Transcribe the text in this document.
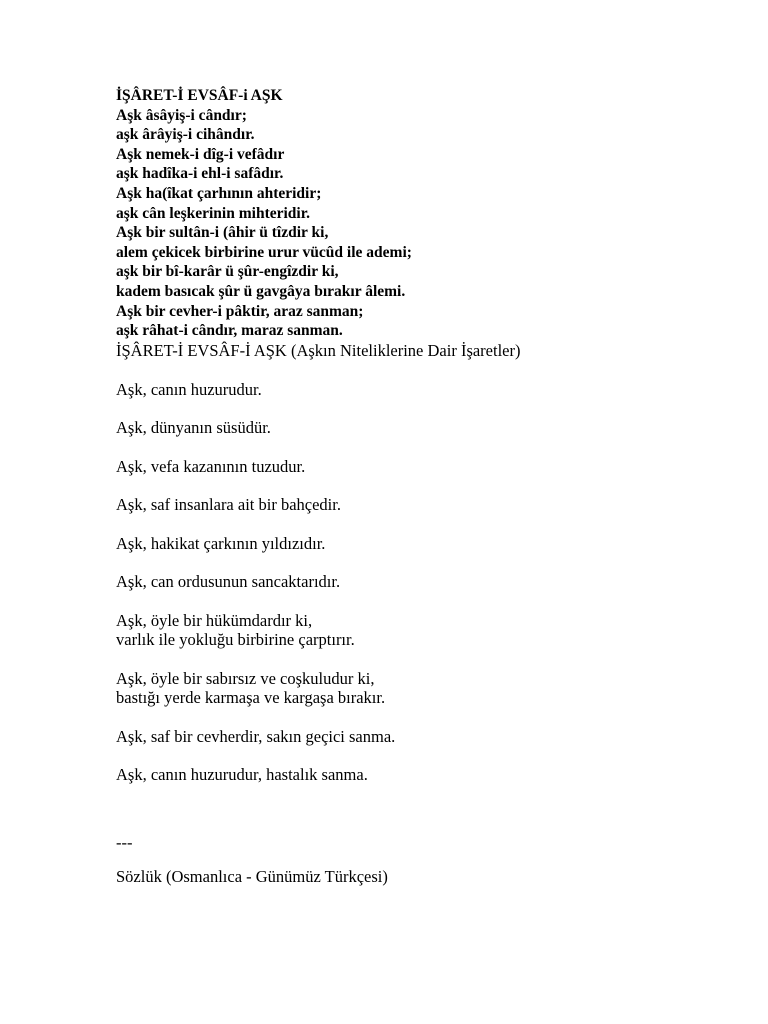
İŞÂRET-İ EVSÂF-i AŞK
Aşk âsâyiş-i cândır;
aşk ârâyiş-i cihândır.
Aşk nemek-i dîg-i vefâdır
aşk hadîka-i ehl-i safâdır.
Aşk ha(îkat çarhının ahteridir;
aşk cân leşkerinin mihteridir.
Aşk bir sultân-i (âhir ü tîzdir ki,
alem çekicek birbirine urur vücûd ile ademi;
aşk bir bî-karâr ü şûr-engîzdir ki,
kadem basıcak şûr ü gavgâya bırakır âlemi.
Aşk bir cevher-i pâktir, araz sanman;
aşk râhat-i cândır, maraz sanman.
İŞÂRET-İ EVSÂF-İ AŞK (Aşkın Niteliklerine Dair İşaretler)
Aşk, canın huzurudur.
Aşk, dünyanın süsüdür.
Aşk, vefa kazanının tuzudur.
Aşk, saf insanlara ait bir bahçedir.
Aşk, hakikat çarkının yıldızıdır.
Aşk, can ordusunun sancaktarıdır.
Aşk, öyle bir hükümdardır ki,
varlık ile yokluğu birbirine çarptırır.
Aşk, öyle bir sabırsız ve coşkuludur ki,
bastığı yerde karmaşa ve kargaşa bırakır.
Aşk, saf bir cevherdir, sakın geçici sanma.
Aşk, canın huzurudur, hastalık sanma.
---
Sözlük (Osmanlıca - Günümüz Türkçesi)
